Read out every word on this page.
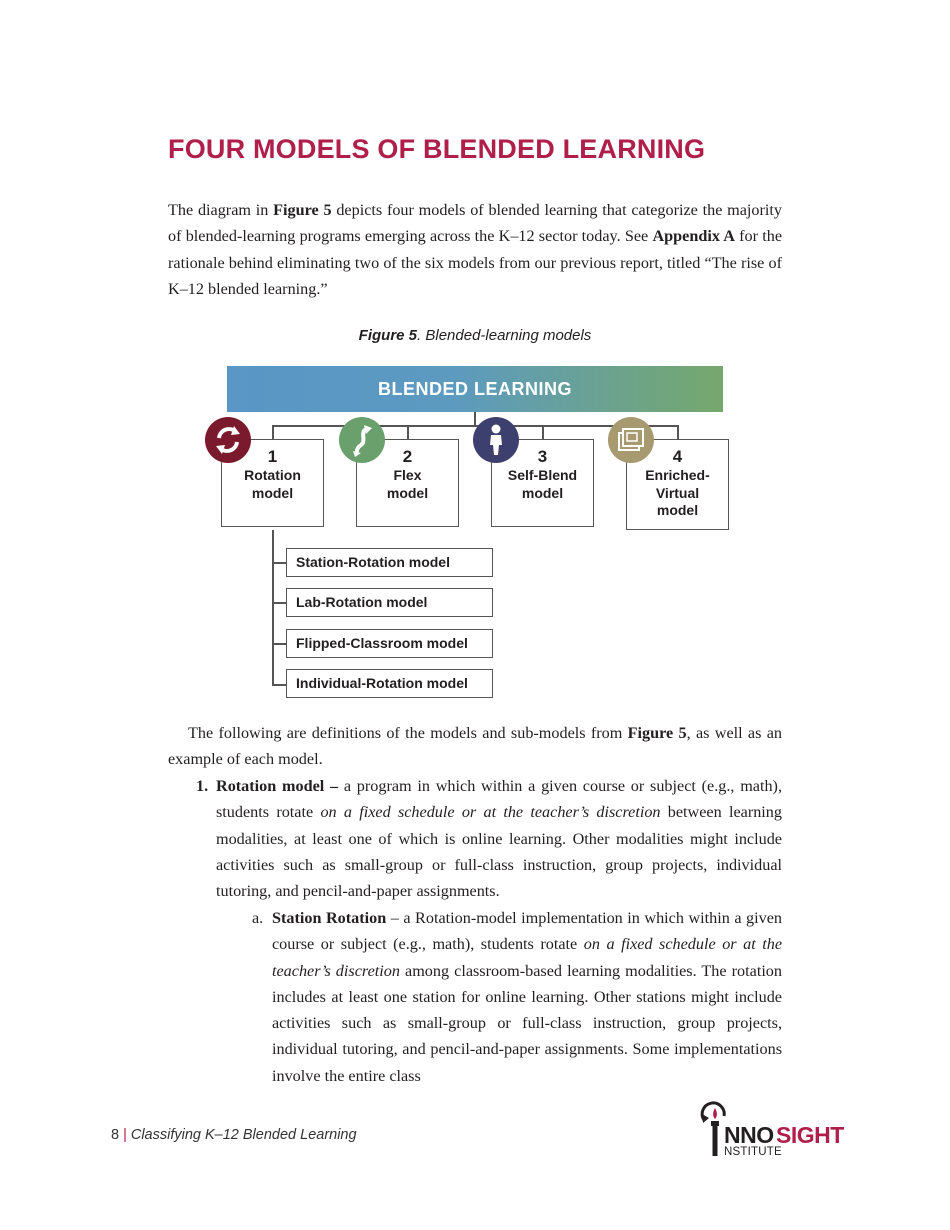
FOUR MODELS OF BLENDED LEARNING
The diagram in Figure 5 depicts four models of blended learning that categorize the majority of blended-learning programs emerging across the K–12 sector today. See Appendix A for the rationale behind eliminating two of the six models from our previous report, titled “The rise of K–12 blended learning.”
Figure 5. Blended-learning models
BLENDED LEARNING
1
Rotation
model
2
Flex
model
3
Self-Blend
model
4
Enriched-
Virtual
model
Station-Rotation model
Lab-Rotation model
Flipped-Classroom model
Individual-Rotation model
The following are definitions of the models and sub-models from Figure 5, as well as an example of each model.
1. Rotation model – a program in which within a given course or subject (e.g., math), students rotate on a fixed schedule or at the teacher’s discretion between learning modalities, at least one of which is online learning. Other modalities might include activities such as small-group or full-class instruction, group projects, individual tutoring, and pencil-and-paper assignments.
a. Station Rotation – a Rotation-model implementation in which within a given course or subject (e.g., math), students rotate on a fixed schedule or at the teacher’s discretion among classroom-based learning modalities. The rotation includes at least one station for online learning. Other stations might include activities such as small-group or full-class instruction, group projects, individual tutoring, and pencil-and-paper assignments. Some implementations involve the entire class
8 | Classifying K–12 Blended Learning	NNO SIGHT
NSTITUTE
